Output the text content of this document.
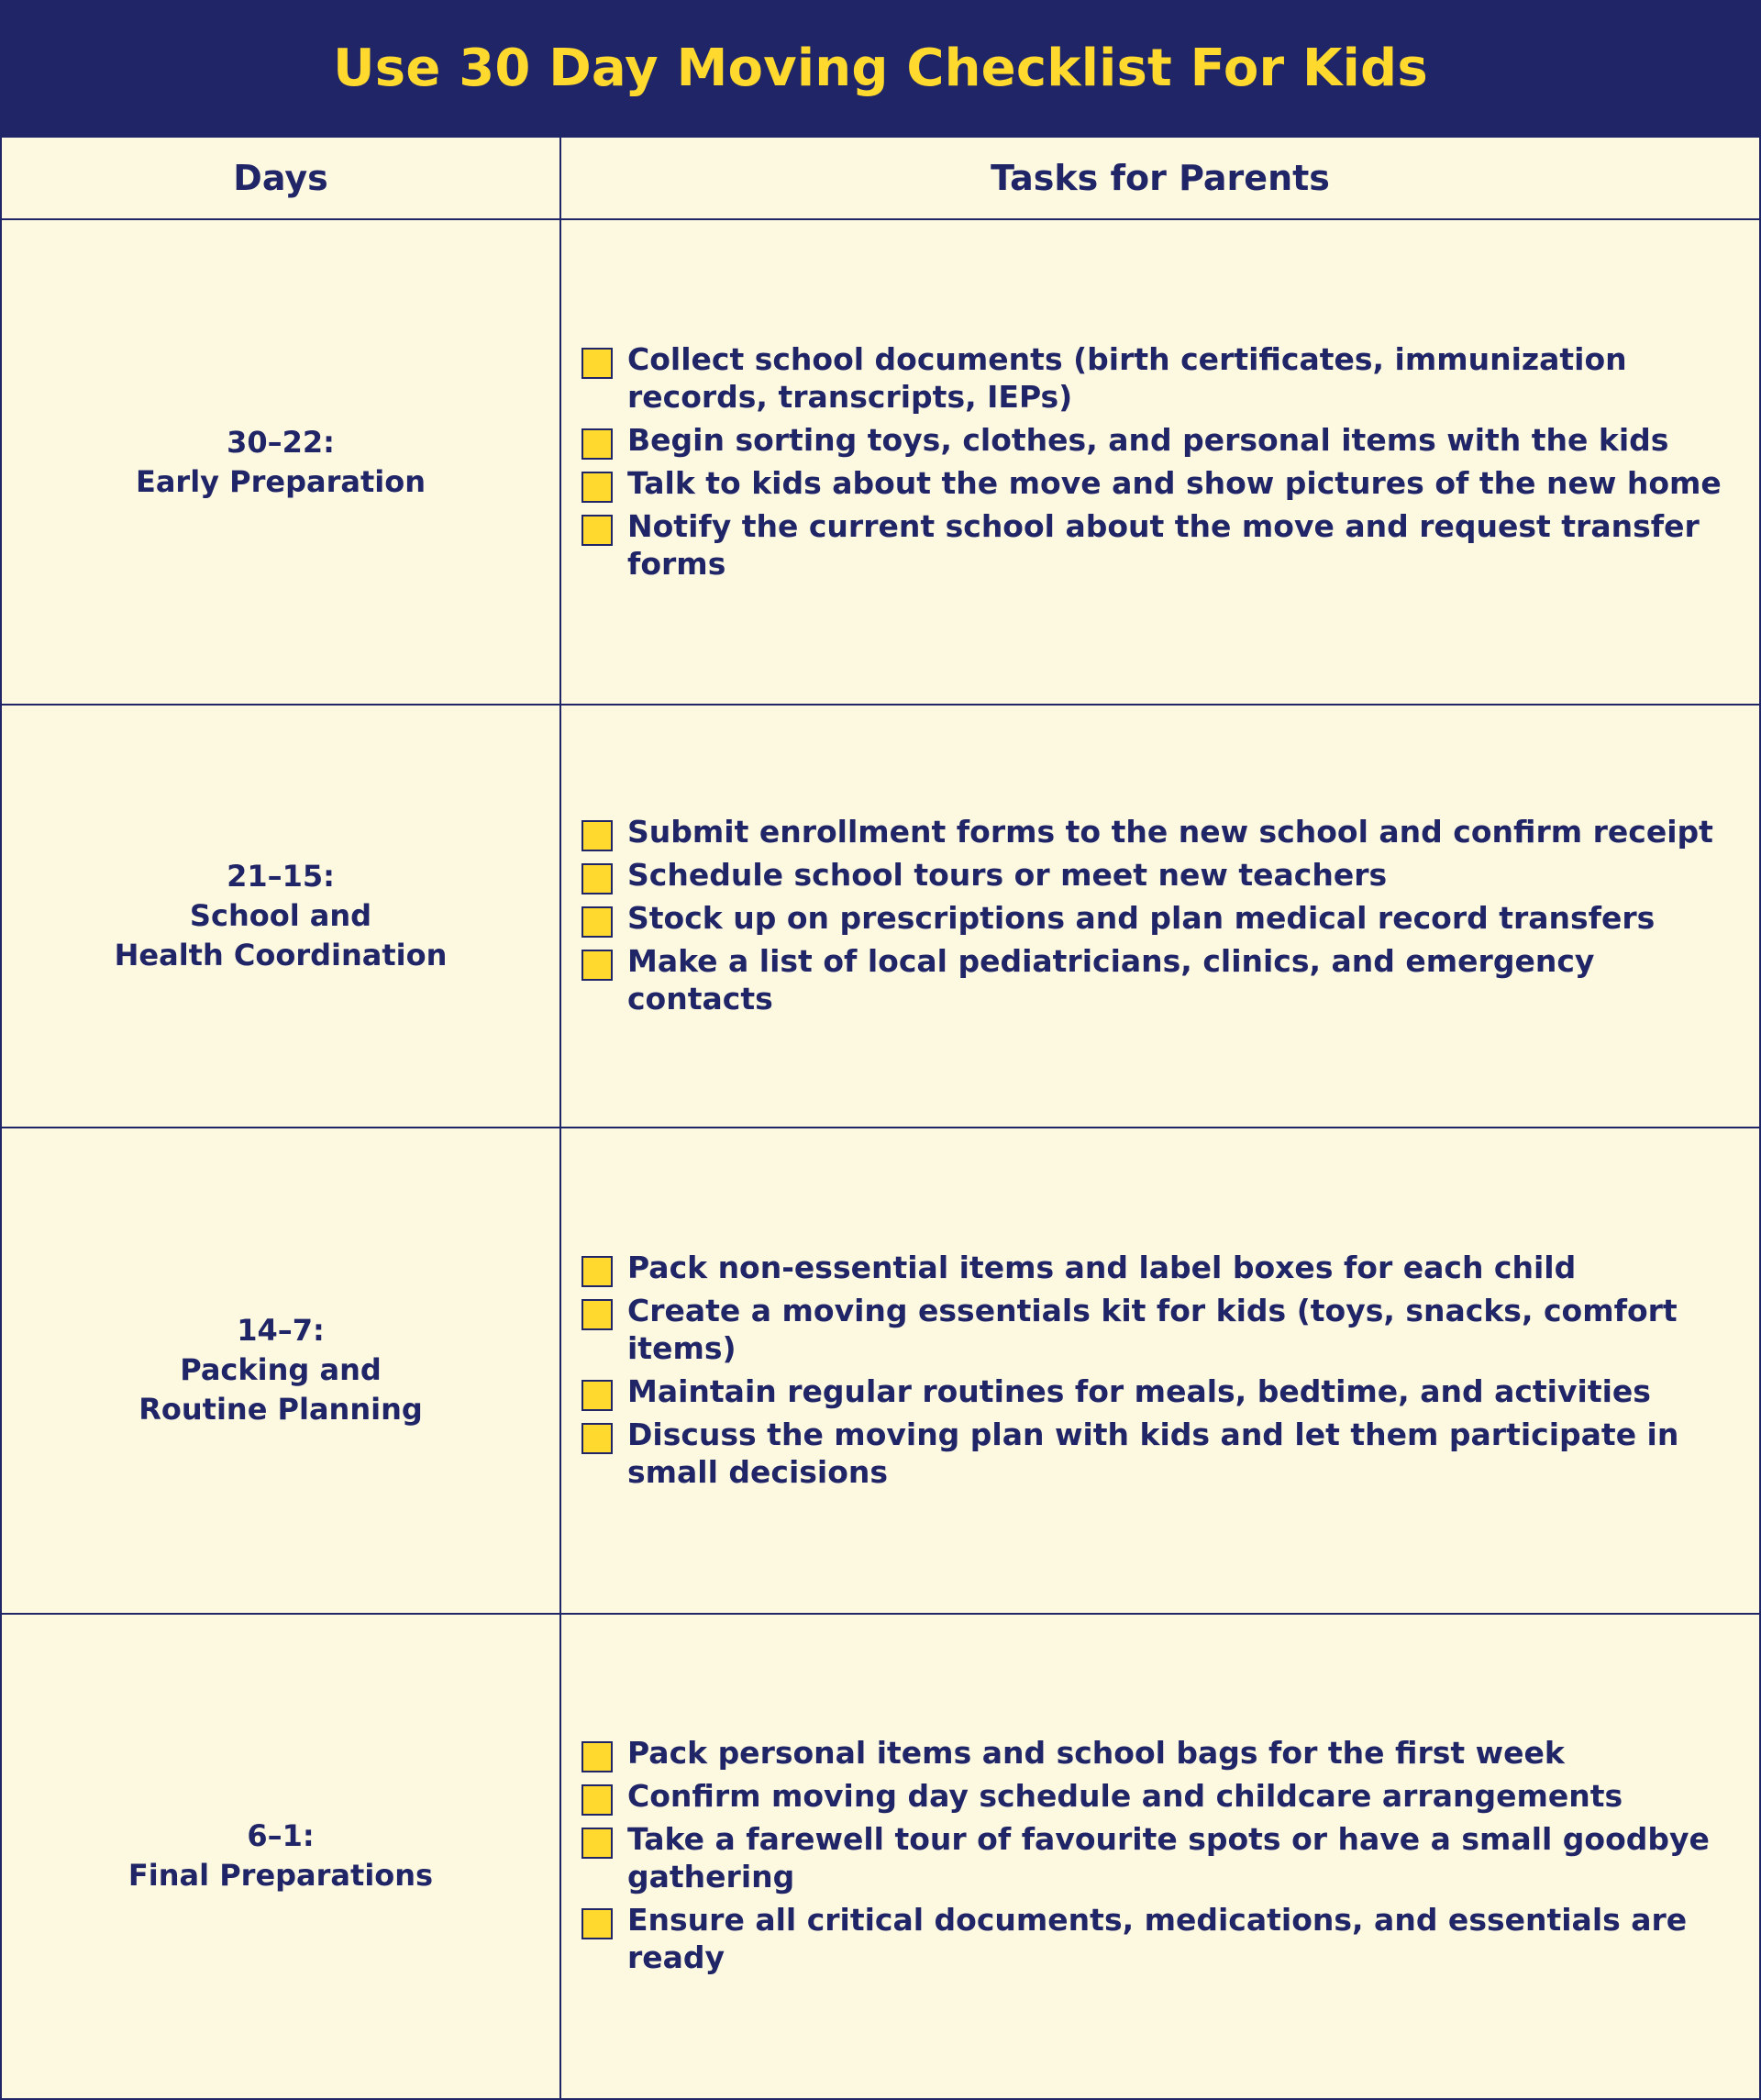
Use 30 Day Moving Checklist For Kids
Days	Tasks for Parents

30–22:
Early Preparation

Collect school documents (birth certificates, immunization records, transcripts, IEPs)
Begin sorting toys, clothes, and personal items with the kids
Talk to kids about the move and show pictures of the new home
Notify the current school about the move and request transfer forms

21–15:
School and
Health Coordination

Submit enrollment forms to the new school and confirm receipt
Schedule school tours or meet new teachers
Stock up on prescriptions and plan medical record transfers
Make a list of local pediatricians, clinics, and emergency contacts

14–7:
Packing and
Routine Planning

Pack non-essential items and label boxes for each child
Create a moving essentials kit for kids (toys, snacks, comfort items)
Maintain regular routines for meals, bedtime, and activities
Discuss the moving plan with kids and let them participate in small decisions

6–1:
Final Preparations

Pack personal items and school bags for the first week
Confirm moving day schedule and childcare arrangements
Take a farewell tour of favourite spots or have a small goodbye gathering
Ensure all critical documents, medications, and essentials are ready
